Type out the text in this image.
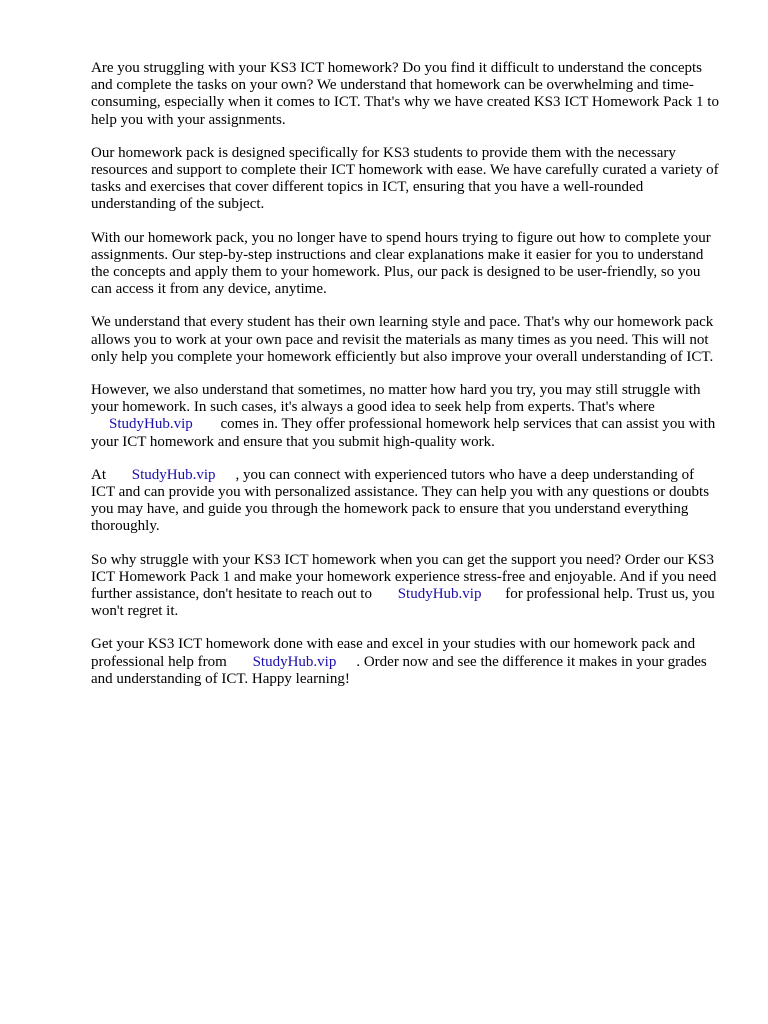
Are you struggling with your KS3 ICT homework? Do you find it difficult to understand the concepts and complete the tasks on your own? We understand that homework can be overwhelming and time-consuming, especially when it comes to ICT. That's why we have created KS3 ICT Homework Pack 1 to help you with your assignments.

Our homework pack is designed specifically for KS3 students to provide them with the necessary resources and support to complete their ICT homework with ease. We have carefully curated a variety of tasks and exercises that cover different topics in ICT, ensuring that you have a well-rounded understanding of the subject.

With our homework pack, you no longer have to spend hours trying to figure out how to complete your assignments. Our step-by-step instructions and clear explanations make it easier for you to understand the concepts and apply them to your homework. Plus, our pack is designed to be user-friendly, so you can access it from any device, anytime.

We understand that every student has their own learning style and pace. That's why our homework pack allows you to work at your own pace and revisit the materials as many times as you need. This will not only help you complete your homework efficiently but also improve your overall understanding of ICT.

However, we also understand that sometimes, no matter how hard you try, you may still struggle with your homework. In such cases, it's always a good idea to seek help from experts. That's where
StudyHub.vip comes in. They offer professional homework help services that can assist you with your ICT homework and ensure that you submit high-quality work.

At StudyHub.vip , you can connect with experienced tutors who have a deep understanding of ICT and can provide you with personalized assistance. They can help you with any questions or doubts you may have, and guide you through the homework pack to ensure that you understand everything thoroughly.

So why struggle with your KS3 ICT homework when you can get the support you need? Order our KS3 ICT Homework Pack 1 and make your homework experience stress-free and enjoyable. And if you need further assistance, don't hesitate to reach out to StudyHub.vip for professional help. Trust us, you won't regret it.

Get your KS3 ICT homework done with ease and excel in your studies with our homework pack and professional help from StudyHub.vip . Order now and see the difference it makes in your grades and understanding of ICT. Happy learning!
